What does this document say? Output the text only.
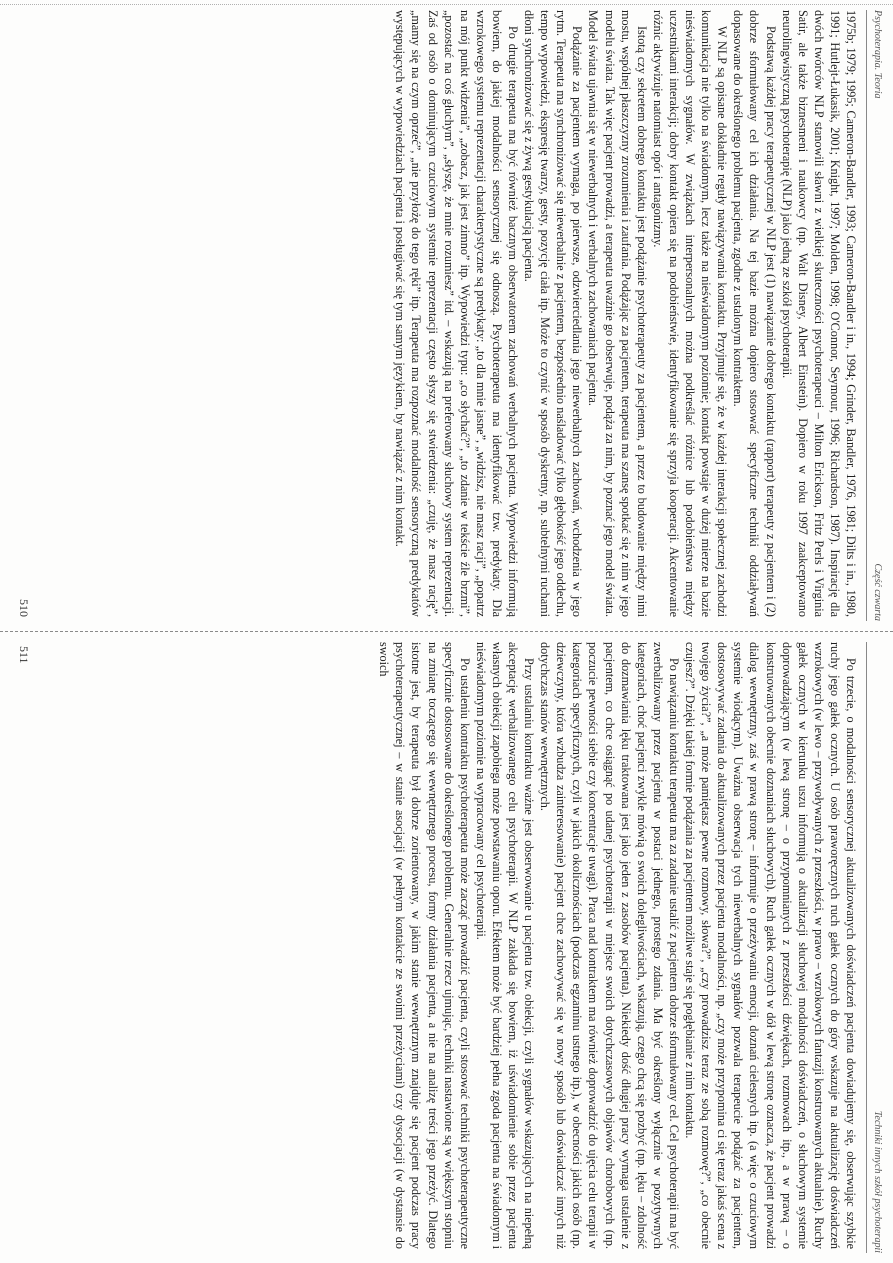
Psychoterapia. Teoria
Część czwarta

1975b; 1979; 1995; Cameron-Bandler, 1993; Cameron-Bandler i in., 1994; Grinder, Bandler, 1976, 1981; Dilts i in., 1980, 1991; Hutlejt-Łukasik, 2001; Knight, 1997; Molden, 1998; O'Connor, Seymour, 1996; Richardson, 1987). Inspirację dla dwóch twórców NLP stanowili sławni z wielkiej skuteczności psychoterapeuci – Milton Erickson, Fritz Perls i Virginia Satir, ale także biznesmeni i naukowcy (np. Walt Disney, Albert Einstein). Dopiero w roku 1997 zaakceptowano neurolingwistyczną psychoterapię (NLP) jako jedną ze szkół psychoterapii.

Podstawą każdej pracy terapeutycznej w NLP jest (1) nawiązanie dobrego kontaktu (rapport) terapeuty z pacjentem i (2) dobrze sformułowany cel ich działania. Na tej bazie można dopiero stosować specyficzne techniki oddziaływań dopasowane do określonego problemu pacjenta, zgodne z ustalonym kontraktem.

W NLP są opisane dokładnie reguły nawiązywania kontaktu. Przyjmuje się, że w każdej interakcji społecznej zachodzi komunikacja nie tylko na świadomym, lecz także na nieświadomym poziomie; kontakt powstaje w dużej mierze na bazie nieświadomych sygnałów. W związkach interpersonalnych można podkreślać różnice lub podobieństwa między uczestnikami interakcji; dobry kontakt opiera się na podobieństwie, identyfikowanie się sprzyja kooperacji. Akcentowanie różnic aktywizuje natomiast opór i antagonizmy.

Istotą czy sekretem dobrego kontaktu jest podążanie psychoterapeuty za pacjentem, a przez to budowanie między nimi mostu, wspólnej płaszczyzny zrozumienia i zaufania. Podążając za pacjentem, terapeuta ma szansę spotkać się z nim w jego modelu świata. Tak więc pacjent prowadzi, a terapeuta uważnie go obserwuje, podąża za nim, by poznać jego model świata. Model świata ujawnia się w niewerbalnych i werbalnych zachowaniach pacjenta.

Podążanie za pacjentem wymaga, po pierwsze, odzwierciedlania jego niewerbalnych zachowań, wchodzenia w jego rytm. Terapeuta ma synchronizować się niewerbalnie z pacjentem, bezpośrednio naśladować tylko głębokość jego oddechu, tempo wypowiedzi, ekspresję twarzy, gesty, pozycję ciała itp. Może to czynić w sposób dyskretny, np. subtelnymi ruchami dłoni synchronizować się z żywą gestykulacją pacjenta.

Po drugie terapeuta ma być również bacznym obserwatorem zachowań werbalnych pacjenta. Wypowiedzi informują bowiem, do jakiej modalności sensorycznej się odnoszą. Psychoterapeuta ma identyfikować tzw. predykaty. Dla wzrokowego systemu reprezentacji charakterystyczne są predykaty: „to dla mnie jasne”, „widzisz, nie masz racji”, „popatrz na mój punkt widzenia”, „zobacz, jak jest zimno” itp. Wypowiedzi typu: „co słychać?”, „to zdanie w tekście źle brzmi”, „pozostać na coś głuchym”, „słyszę, że mnie rozumiesz” itd. – wskazują na preferowany słuchowy system reprezentacji. Zaś od osób o dominującym czuciowym systemie reprezentacji często słyszy się stwierdzenia: „czuję, że masz rację”, „mamy się na czym oprzeć”, „nie przyłożę do tego ręki” itp. Terapeuta ma rozpoznać modalność sensoryczną predykatów występujących w wypowiedziach pacjenta i posługiwać się tym samym językiem, by nawiązać z nim kontakt.

510
Techniki innych szkół psychoterapii

Po trzecie, o modalności sensorycznej aktualizowanych doświadczeń pacjenta dowiadujemy się, obserwując szybkie ruchy jego gałek ocznych. U osób praworęcznych ruch gałek ocznych do góry wskazuje na aktualizację doświadczeń wzrokowych (w lewo – przywoływanych z przeszłości, w prawo – wzrokowych fantazji konstruowanych aktualnie). Ruchy gałek ocznych w kierunku uszu informują o aktualizacji słuchowej modalności doświadczeń, o słuchowym systemie doprowadzającym (w lewą stronę – o przypomnianych z przeszłości dźwiękach, rozmowach itp., a w prawą – o konstruowanych obecnie doznaniach słuchowych). Ruch gałek ocznych w dół w lewą stronę oznacza, że pacjent prowadzi dialog wewnętrzny, zaś w prawą stronę – informuje o przeżywaniu emocji, doznań cielesnych itp. (a więc o czuciowym systemie wiodącym). Uważna obserwacja tych niewerbalnych sygnałów pozwala terapeucie podążać za pacjentem, dostosowywać zadania do aktualizowanych przez pacjenta modalności, np. „czy może przypomina ci się teraz jakaś scena z twojego życia?”, „a może pamiętasz pewne rozmowy, słowa?”, „czy prowadzisz teraz ze sobą rozmowę?”, „co obecnie czujesz?”. Dzięki takiej formie podążania za pacjentem możliwe staje się pogłębianie z nim kontaktu.

Po nawiązaniu kontaktu terapeuta ma za zadanie ustalić z pacjentem dobrze sformułowany cel. Cel psychoterapii ma być zwerbalizowany przez pacjenta w postaci jednego, prostego zdania. Ma być określony wyłącznie w pozytywnych kategoriach, choć pacjenci zwykle mówią o swoich dolegliwościach, wskazują, czego chcą się pozbyć (np. lęku – zdolność do dozmawiania lęku traktowana jest jako jeden z zasobów pacjenta). Niekiedy dość długiej pracy wymaga ustalenie z pacjentem, co chce osiągnąć po udanej psychoterapii w miejsce swoich dotychczasowych objawów chorobowych (np. poczucie pewności siebie czy koncentracje uwagi). Praca nad kontraktem ma również doprowadzić do ujęcia celu terapii w kategoriach specyficznych, czyli w jakich okolicznościach (podczas egzaminu ustnego itp.), w obecności jakich osób (np. dziewczyny, która wzbudza zainteresowanie) pacjent chce zachowywać się w nowy sposób lub doświadczać innych niż dotychczas stanów wewnętrznych.

Przy ustalaniu kontraktu ważne jest obserwowanie u pacjenta tzw. obiekcji, czyli sygnałów wskazujących na niepełną akceptację werbalizowanego celu psychoterapii. W NLP zakłada się bowiem, iż uświadomienie sobie przez pacjenta własnych obiekcji zapobiega może powstawaniu oporu. Efektem może być bardziej pełna zgoda pacjenta na świadomym i nieświadomym poziomie na wypracowany cel psychoterapii.

Po ustaleniu kontraktu psychoterapeuta może zacząć prowadzić pacjenta, czyli stosować techniki psychoterapeutyczne specyficznie dostosowane do określonego problemu. Generalnie rzecz ujmując, techniki nastawione są w większym stopniu na zmianę toczącego się wewnętrznego procesu, formy działania pacjenta, a nie na analizę treści jego przeżyć. Dlatego istotne jest, by terapeuta był dobrze zorientowany, w jakim stanie wewnętrznym znajduje się pacjent podczas pracy psychoterapeutycznej – w stanie asocjacji (w pełnym kontakcie ze swoimi przeżyciami) czy dysocjacji (w dystansie do swoich

511
